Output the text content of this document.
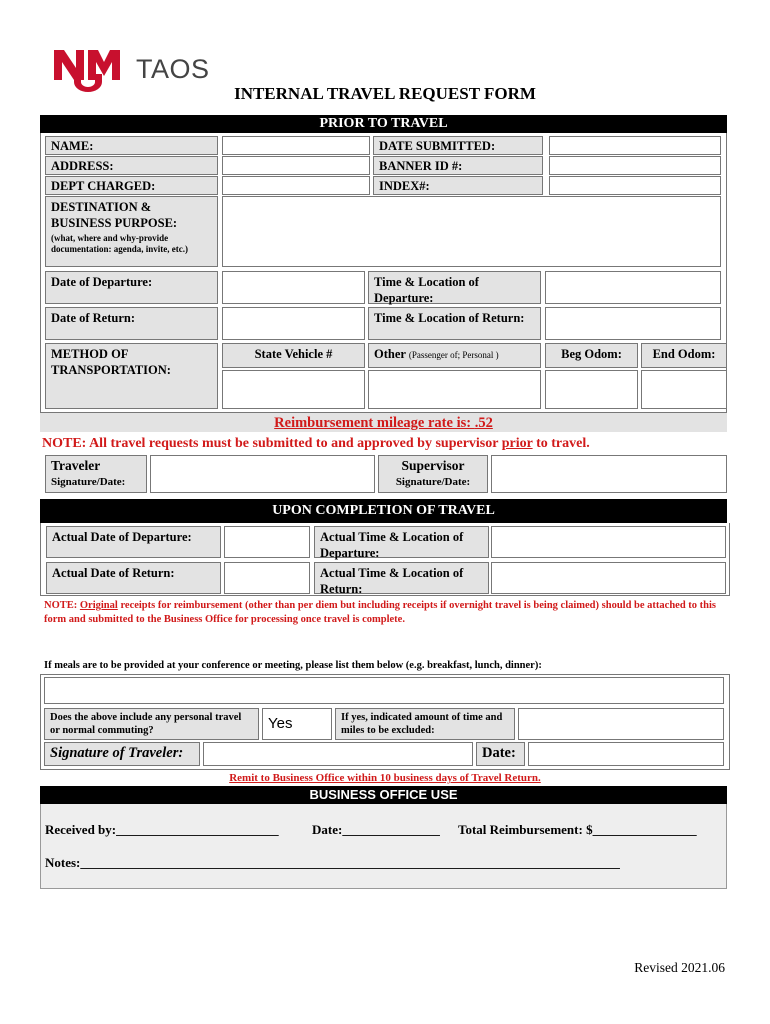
TAOS
INTERNAL TRAVEL REQUEST FORM
PRIOR TO TRAVEL
NAME:	DATE SUBMITTED:
ADDRESS:	BANNER ID #:
DEPT CHARGED:	INDEX#:
DESTINATION &
BUSINESS PURPOSE:
(what, where and why-provide documentation: agenda, invite, etc.)
Date of Departure:	Time & Location of Departure:
Date of Return:	Time & Location of Return:
METHOD OF TRANSPORTATION:
State Vehicle #	Other (Passenger of; Personal )	Beg Odom:	End Odom:
Reimbursement mileage rate is: .52
NOTE: All travel requests must be submitted to and approved by supervisor prior to travel.
Traveler
Signature/Date:
Supervisor
Signature/Date:
UPON COMPLETION OF TRAVEL
Actual Date of Departure:	Actual Time & Location of Departure:
Actual Date of Return:	Actual Time & Location of Return:
NOTE: Original receipts for reimbursement (other than per diem but including receipts if overnight travel is being claimed) should be attached to this form and submitted to the Business Office for processing once travel is complete.
If meals are to be provided at your conference or meeting, please list them below (e.g. breakfast, lunch, dinner):
Does the above include any personal travel or normal commuting?	Yes	If yes, indicated amount of time and miles to be excluded:
Signature of Traveler:	Date:
Remit to Business Office within 10 business days of Travel Return.
BUSINESS OFFICE USE
Received by:_________________________	Date:_______________ Total Reimbursement: $________________
Notes:___________________________________________________________________________________
Revised 2021.06
